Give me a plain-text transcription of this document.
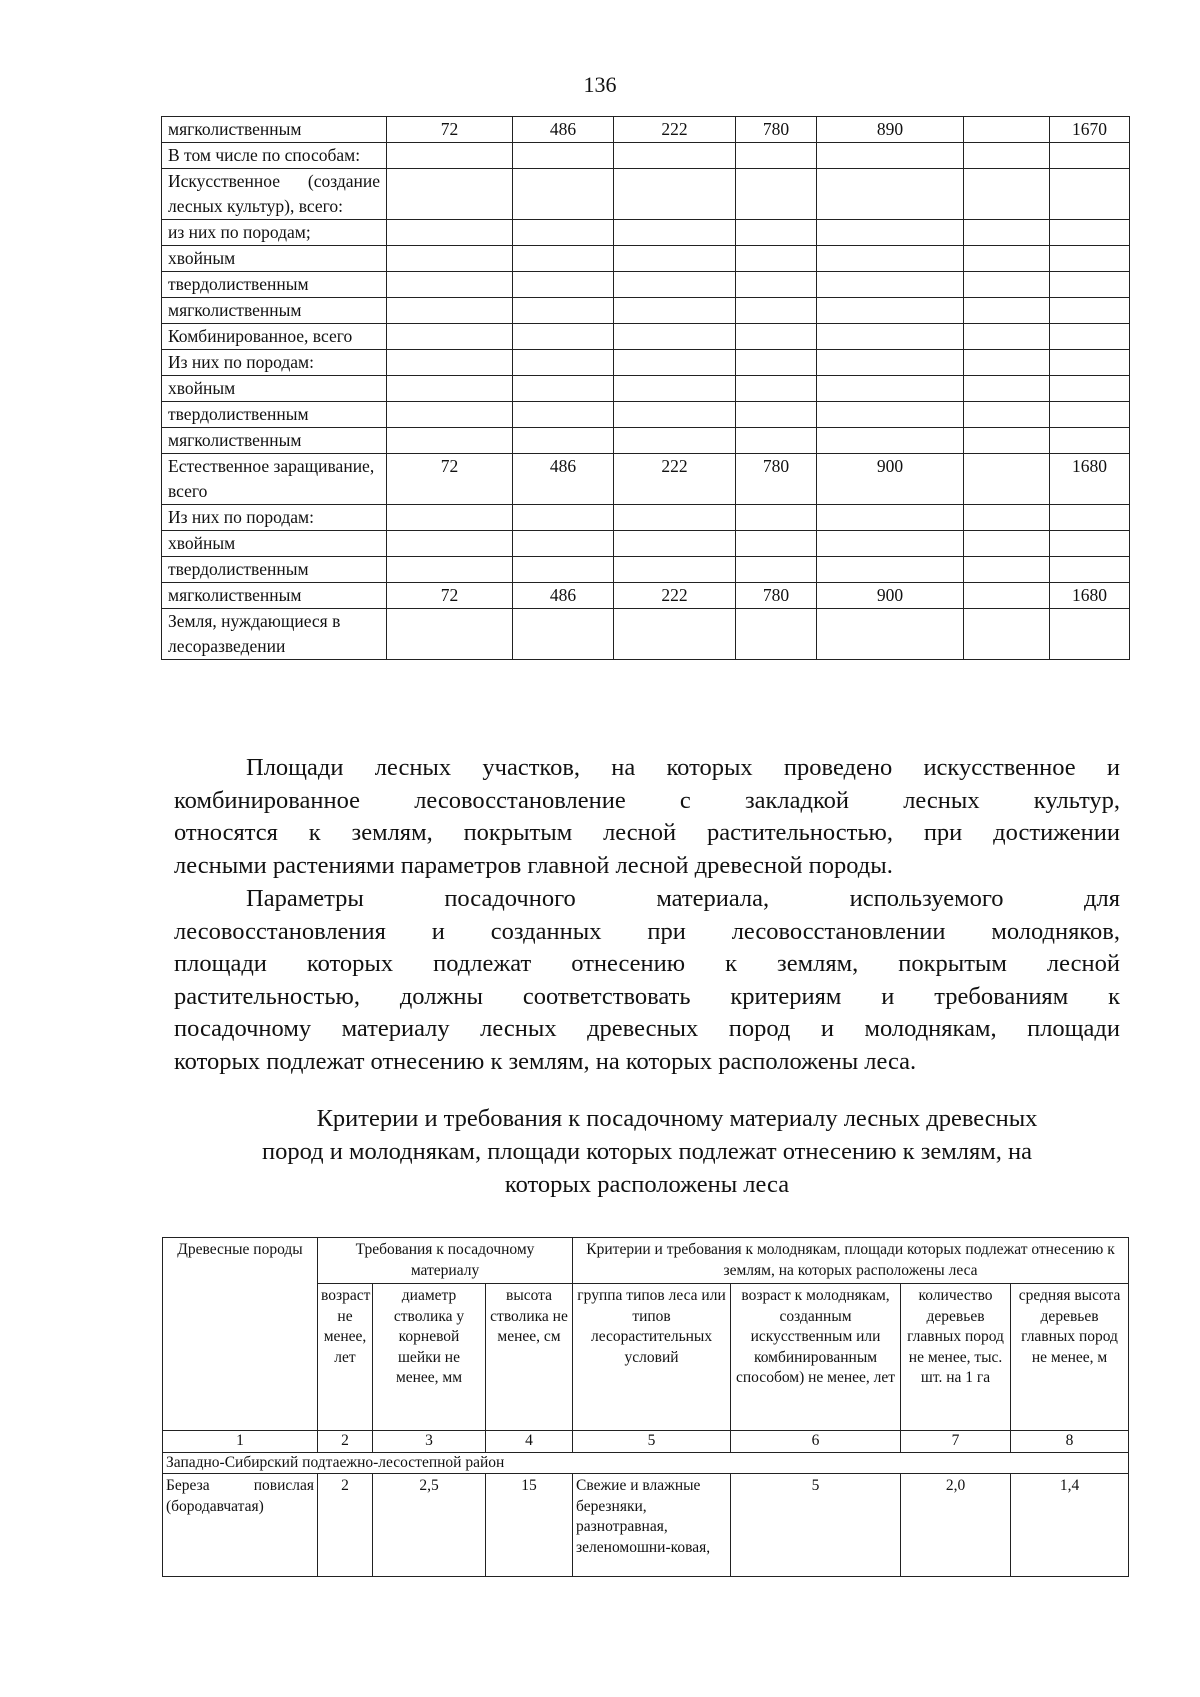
136
мягколиственным	72	486	222	780	890		1670
В том числе по способам:							
Искусственное (создание лесных культур), всего:							
из них по породам;							
хвойным							
твердолиственным							
мягколиственным							
Комбинированное, всего							
Из них по породам:							
хвойным							
твердолиственным							
мягколиственным							
Естественное заращивание, всего	72	486	222	780	900		1680
Из них по породам:							
хвойным							
твердолиственным							
мягколиственным	72	486	222	780	900		1680
Земля, нуждающиеся в лесоразведении							
Площади лесных участков, на которых проведено искусственное и
комбинированное лесовосстановление с закладкой лесных культур,
относятся к землям, покрытым лесной растительностью, при достижении
лесными растениями параметров главной лесной древесной породы.
Параметры посадочного материала, используемого для
лесовосстановления и созданных при лесовосстановлении молодняков,
площади которых подлежат отнесению к землям, покрытым лесной
растительностью, должны соответствовать критериям и требованиям к
посадочному материалу лесных древесных пород и молоднякам, площади
которых подлежат отнесению к землям, на которых расположены леса.
Критерии и требования к посадочному материалу лесных древесных
пород и молоднякам, площади которых подлежат отнесению к землям, на
которых расположены леса
Древесные породы	Требования к посадочному материалу			Критерии и требования к молоднякам, площади которых подлежат отнесению к землям, на которых расположены леса			
	возраст не менее, лет	диаметр стволика у корневой шейки не менее, мм	высота стволика не менее, см	группа типов леса или типов лесорастительных условий	возраст к молоднякам, созданным искусственным или комбинированным способом) не менее, лет	количество деревьев главных пород не менее, тыс. шт. на 1 га	средняя высота деревьев главных пород не менее, м
1	2	3	4	5	6	7	8
Западно-Сибирский подтаежно-лесостепной район							

Береза повислая
(бородавчатая)	2	2,5	15	Свежие и влажные березняки, разнотравная, зеленомошни-ковая,	5	2,0	1,4
